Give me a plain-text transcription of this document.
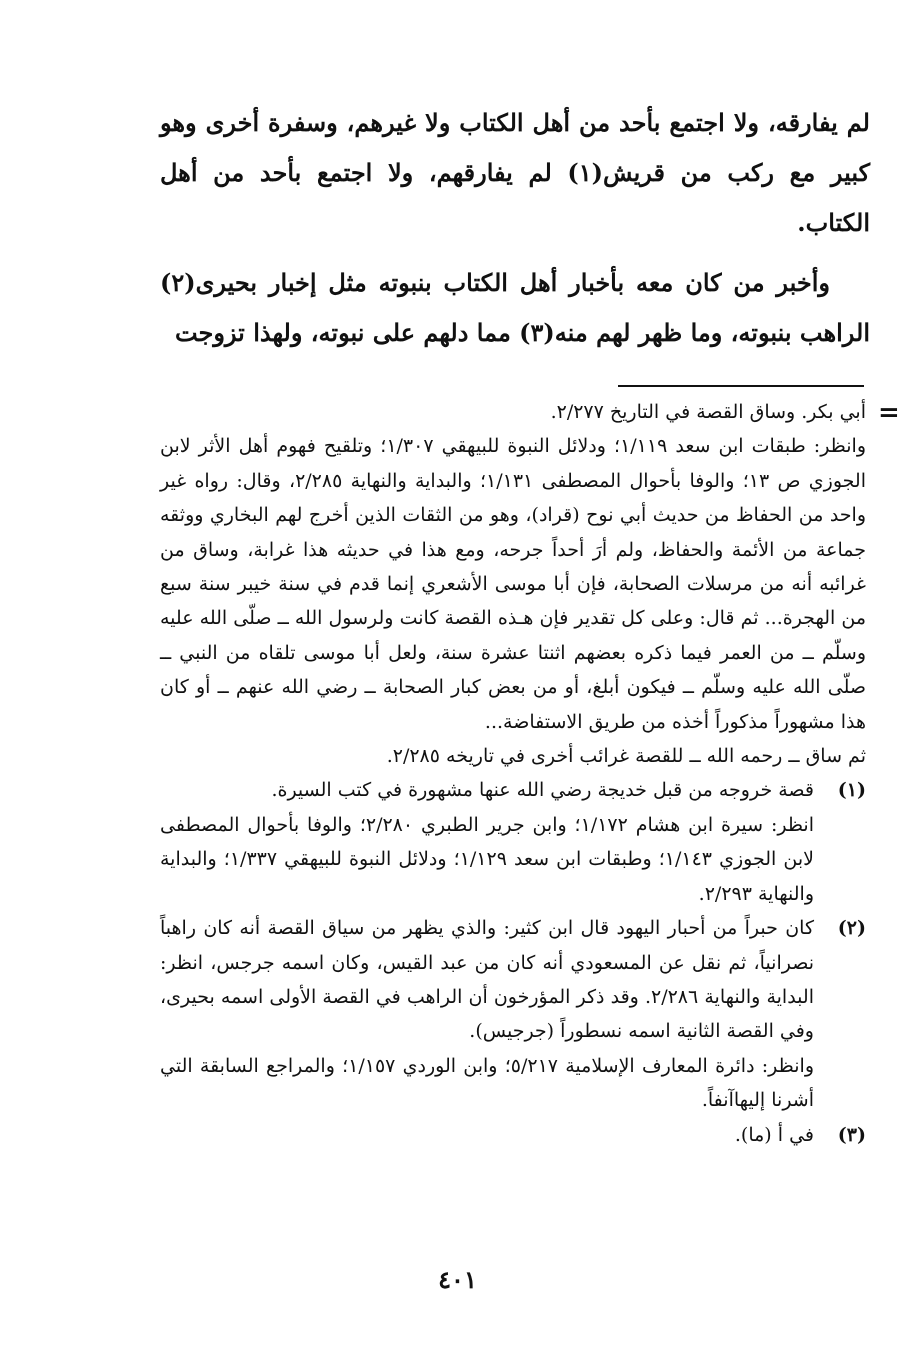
لم يفارقه، ولا اجتمع بأحد من أهل الكتاب ولا غيرهم، وسفرة أخرى وهو كبير مع ركب من قريش(١) لم يفارقهم، ولا اجتمع بأحد من أهل الكتاب.

وأخبر من كان معه بأخبار أهل الكتاب بنبوته مثل إخبار بحيرى(٢) الراهب بنبوته، وما ظهر لهم منه(٣) مما دلهم على نبوته، ولهذا تزوجت

=

أبي بكر. وساق القصة في التاريخ ٢/٢٧٧.

وانظر: طبقات ابن سعد ١/١١٩؛ ودلائل النبوة للبيهقي ١/٣٠٧؛ وتلقيح فهوم أهل الأثر لابن الجوزي ص ١٣؛ والوفا بأحوال المصطفى ١/١٣١؛ والبداية والنهاية ٢/٢٨٥، وقال: رواه غير واحد من الحفاظ من حديث أبي نوح (قراد)، وهو من الثقات الذين أخرج لهم البخاري ووثقه جماعة من الأئمة والحفاظ، ولم أرَ أحداً جرحه، ومع هذا في حديثه هذا غرابة، وساق من غرائبه أنه من مرسلات الصحابة، فإن أبا موسى الأشعري إنما قدم في سنة خيبر سنة سبع من الهجرة... ثم قال: وعلى كل تقدير فإن هـذه القصة كانت ولرسول الله ــ صلّى الله عليه وسلّم ــ من العمر فيما ذكره بعضهم اثنتا عشرة سنة، ولعل أبا موسى تلقاه من النبي ــ صلّى الله عليه وسلّم ــ فيكون أبلغ، أو من بعض كبار الصحابة ــ رضي الله عنهم ــ أو كان هذا مشهوراً مذكوراً أخذه من طريق الاستفاضة...

ثم ساق ــ رحمه الله ــ للقصة غرائب أخرى في تاريخه ٢/٢٨٥.

(١)

قصة خروجه من قبل خديجة رضي الله عنها مشهورة في كتب السيرة.

انظر: سيرة ابن هشام ١/١٧٢؛ وابن جرير الطبري ٢/٢٨٠؛ والوفا بأحوال المصطفى لابن الجوزي ١/١٤٣؛ وطبقات ابن سعد ١/١٢٩؛ ودلائل النبوة للبيهقي ١/٣٣٧؛ والبداية والنهاية ٢/٢٩٣.

(٢)

كان حبراً من أحبار اليهود قال ابن كثير: والذي يظهر من سياق القصة أنه كان راهباً نصرانياً، ثم نقل عن المسعودي أنه كان من عبد القيس، وكان اسمه جرجس، انظر: البداية والنهاية ٢/٢٨٦. وقد ذكر المؤرخون أن الراهب في القصة الأولى اسمه بحيرى، وفي القصة الثانية اسمه نسطوراً (جرجيس).

وانظر: دائرة المعارف الإسلامية ٥/٢١٧؛ وابن الوردي ١/١٥٧؛ والمراجع السابقة التي أشرنا إليهاآنفاً.

(٣)

في أ (ما).

٤٠١
